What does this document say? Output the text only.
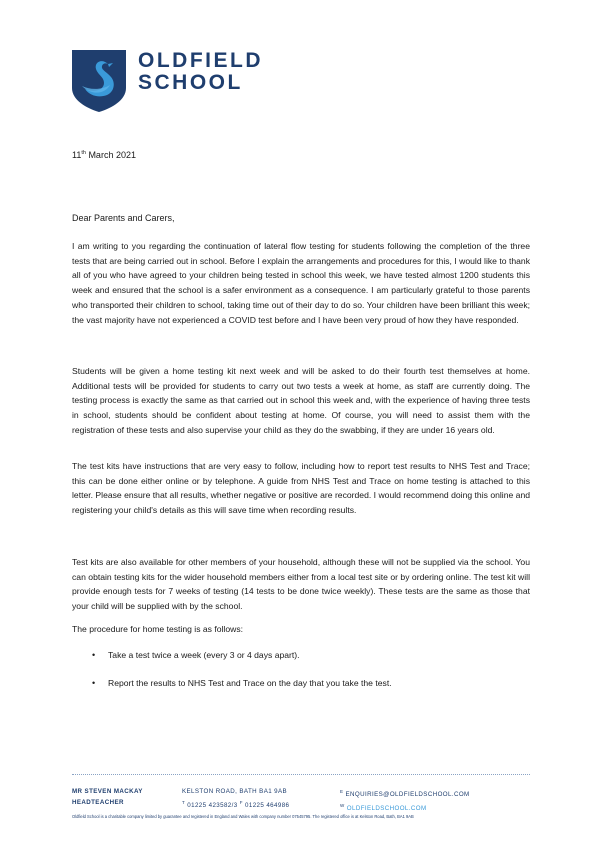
OLDFIELD
SCHOOL
11th March 2021
Dear Parents and Carers,

I am writing to you regarding the continuation of lateral flow testing for students following the completion of the three tests that are being carried out in school. Before I explain the arrangements and procedures for this, I would like to thank all of you who have agreed to your children being tested in school this week, we have tested almost 1200 students this week and ensured that the school is a safer environment as a consequence. I am particularly grateful to those parents who transported their children to school, taking time out of their day to do so. Your children have been brilliant this week; the vast majority have not experienced a COVID test before and I have been very proud of how they have responded.

Students will be given a home testing kit next week and will be asked to do their fourth test themselves at home. Additional tests will be provided for students to carry out two tests a week at home, as staff are currently doing. The testing process is exactly the same as that carried out in school this week and, with the experience of having three tests in school, students should be confident about testing at home. Of course, you will need to assist them with the registration of these tests and also supervise your child as they do the swabbing, if they are under 16 years old.

The test kits have instructions that are very easy to follow, including how to report test results to NHS Test and Trace; this can be done either online or by telephone. A guide from NHS Test and Trace on home testing is attached to this letter. Please ensure that all results, whether negative or positive are recorded. I would recommend doing this online and registering your child's details as this will save time when recording results.

Test kits are also available for other members of your household, although these will not be supplied via the school. You can obtain testing kits for the wider household members either from a local test site or by ordering online. The test kit will provide enough tests for 7 weeks of testing (14 tests to be done twice weekly). These tests are the same as those that your child will be supplied with by the school.

The procedure for home testing is as follows:
•	Take a test twice a week (every 3 or 4 days apart).
•	Report the results to NHS Test and Trace on the day that you take the test.
MR STEVEN MACKAY
HEADTEACHER
KELSTON ROAD, BATH BA1 9AB
$^T$ 01225 423582/3 $^F$ 01225 464986
$^E$ ENQUIRIES@OLDFIELDSCHOOL.COM
$^W$ OLDFIELDSCHOOL.COM
Oldfield School is a charitable company limited by guarantee and registered in England and Wales with company number 07545795. The registered office is at Kelston Road, Bath, BA1 9AB
